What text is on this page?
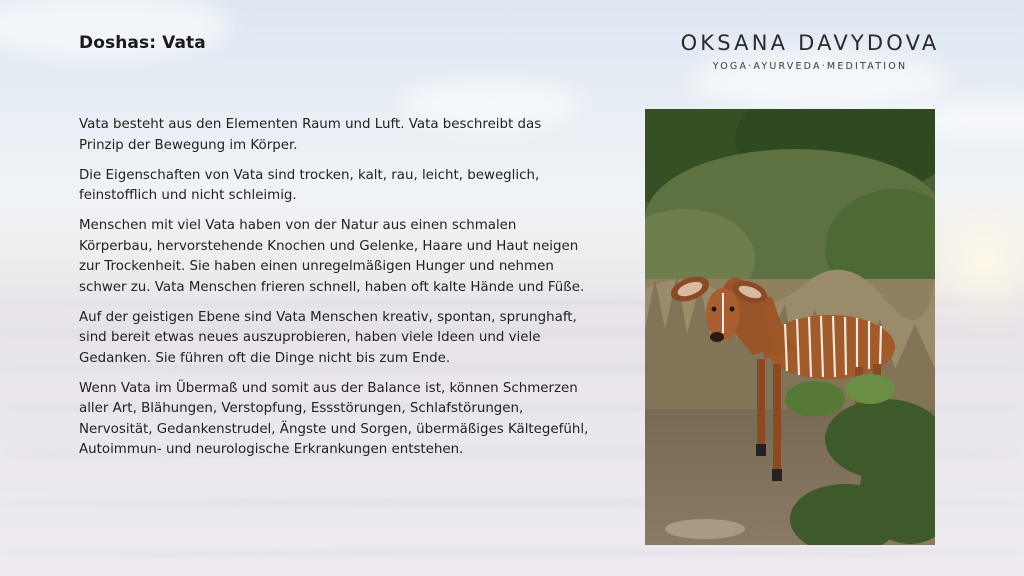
Doshas: Vata	OKSANA DAVYDOVA
YOGA·AYURVEDA·MEDITATION

Vata besteht aus den Elementen Raum und Luft. Vata beschreibt das Prinzip der Bewegung im Körper.

Die Eigenschaften von Vata sind trocken, kalt, rau, leicht, beweglich, feinstofflich und nicht schleimig.

Menschen mit viel Vata haben von der Natur aus einen schmalen Körperbau, hervorstehende Knochen und Gelenke, Haare und Haut neigen zur Trockenheit. Sie haben einen unregelmäßigen Hunger und nehmen schwer zu. Vata Menschen frieren schnell, haben oft kalte Hände und Füße.

Auf der geistigen Ebene sind Vata Menschen kreativ, spontan, sprunghaft, sind bereit etwas neues auszuprobieren, haben viele Ideen und viele Gedanken. Sie führen oft die Dinge nicht bis zum Ende.

Wenn Vata im Übermaß und somit aus der Balance ist, können Schmerzen aller Art, Blähungen, Verstopfung, Essstörungen, Schlafstörungen, Nervosität, Gedankenstrudel, Ängste und Sorgen, übermäßiges Kältegefühl, Autoimmun- und neurologische Erkrankungen entstehen.
